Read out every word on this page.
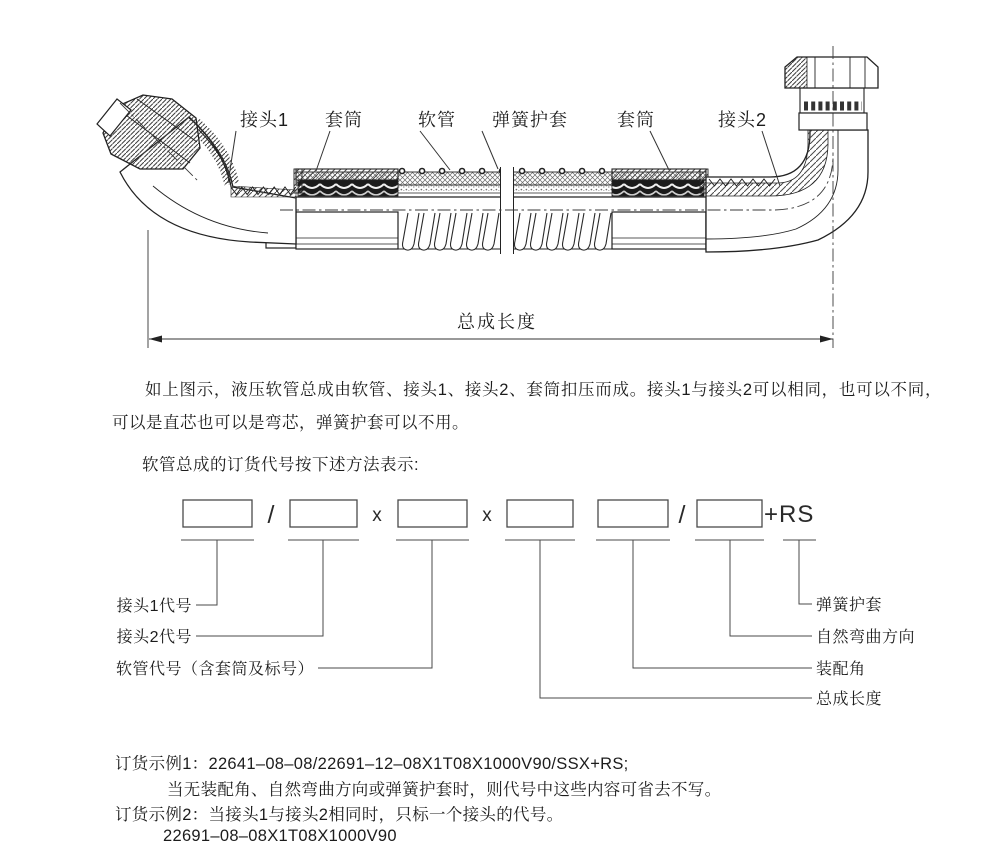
接头1 套筒	软管 弹簧护套	套筒	接头2
总成长度
/	x	x	/	+RS
接头1代号
接头2代号
软管代号（含套筒及标号）
弹簧护套
自然弯曲方向
装配角
总成长度
如上图示，液压软管总成由软管、接头1、接头2、套筒扣压而成。接头1与接头2可以相同，也可以不同，可以是直芯也可以是弯芯，弹簧护套可以不用。
软管总成的订货代号按下述方法表示:
订货示例1：22641–08–08/22691–12–08X1T08X1000V90/SSX+RS;
当无装配角、自然弯曲方向或弹簧护套时，则代号中这些内容可省去不写。
订货示例2：当接头1与接头2相同时，只标一个接头的代号。
22691–08–08X1T08X1000V90
